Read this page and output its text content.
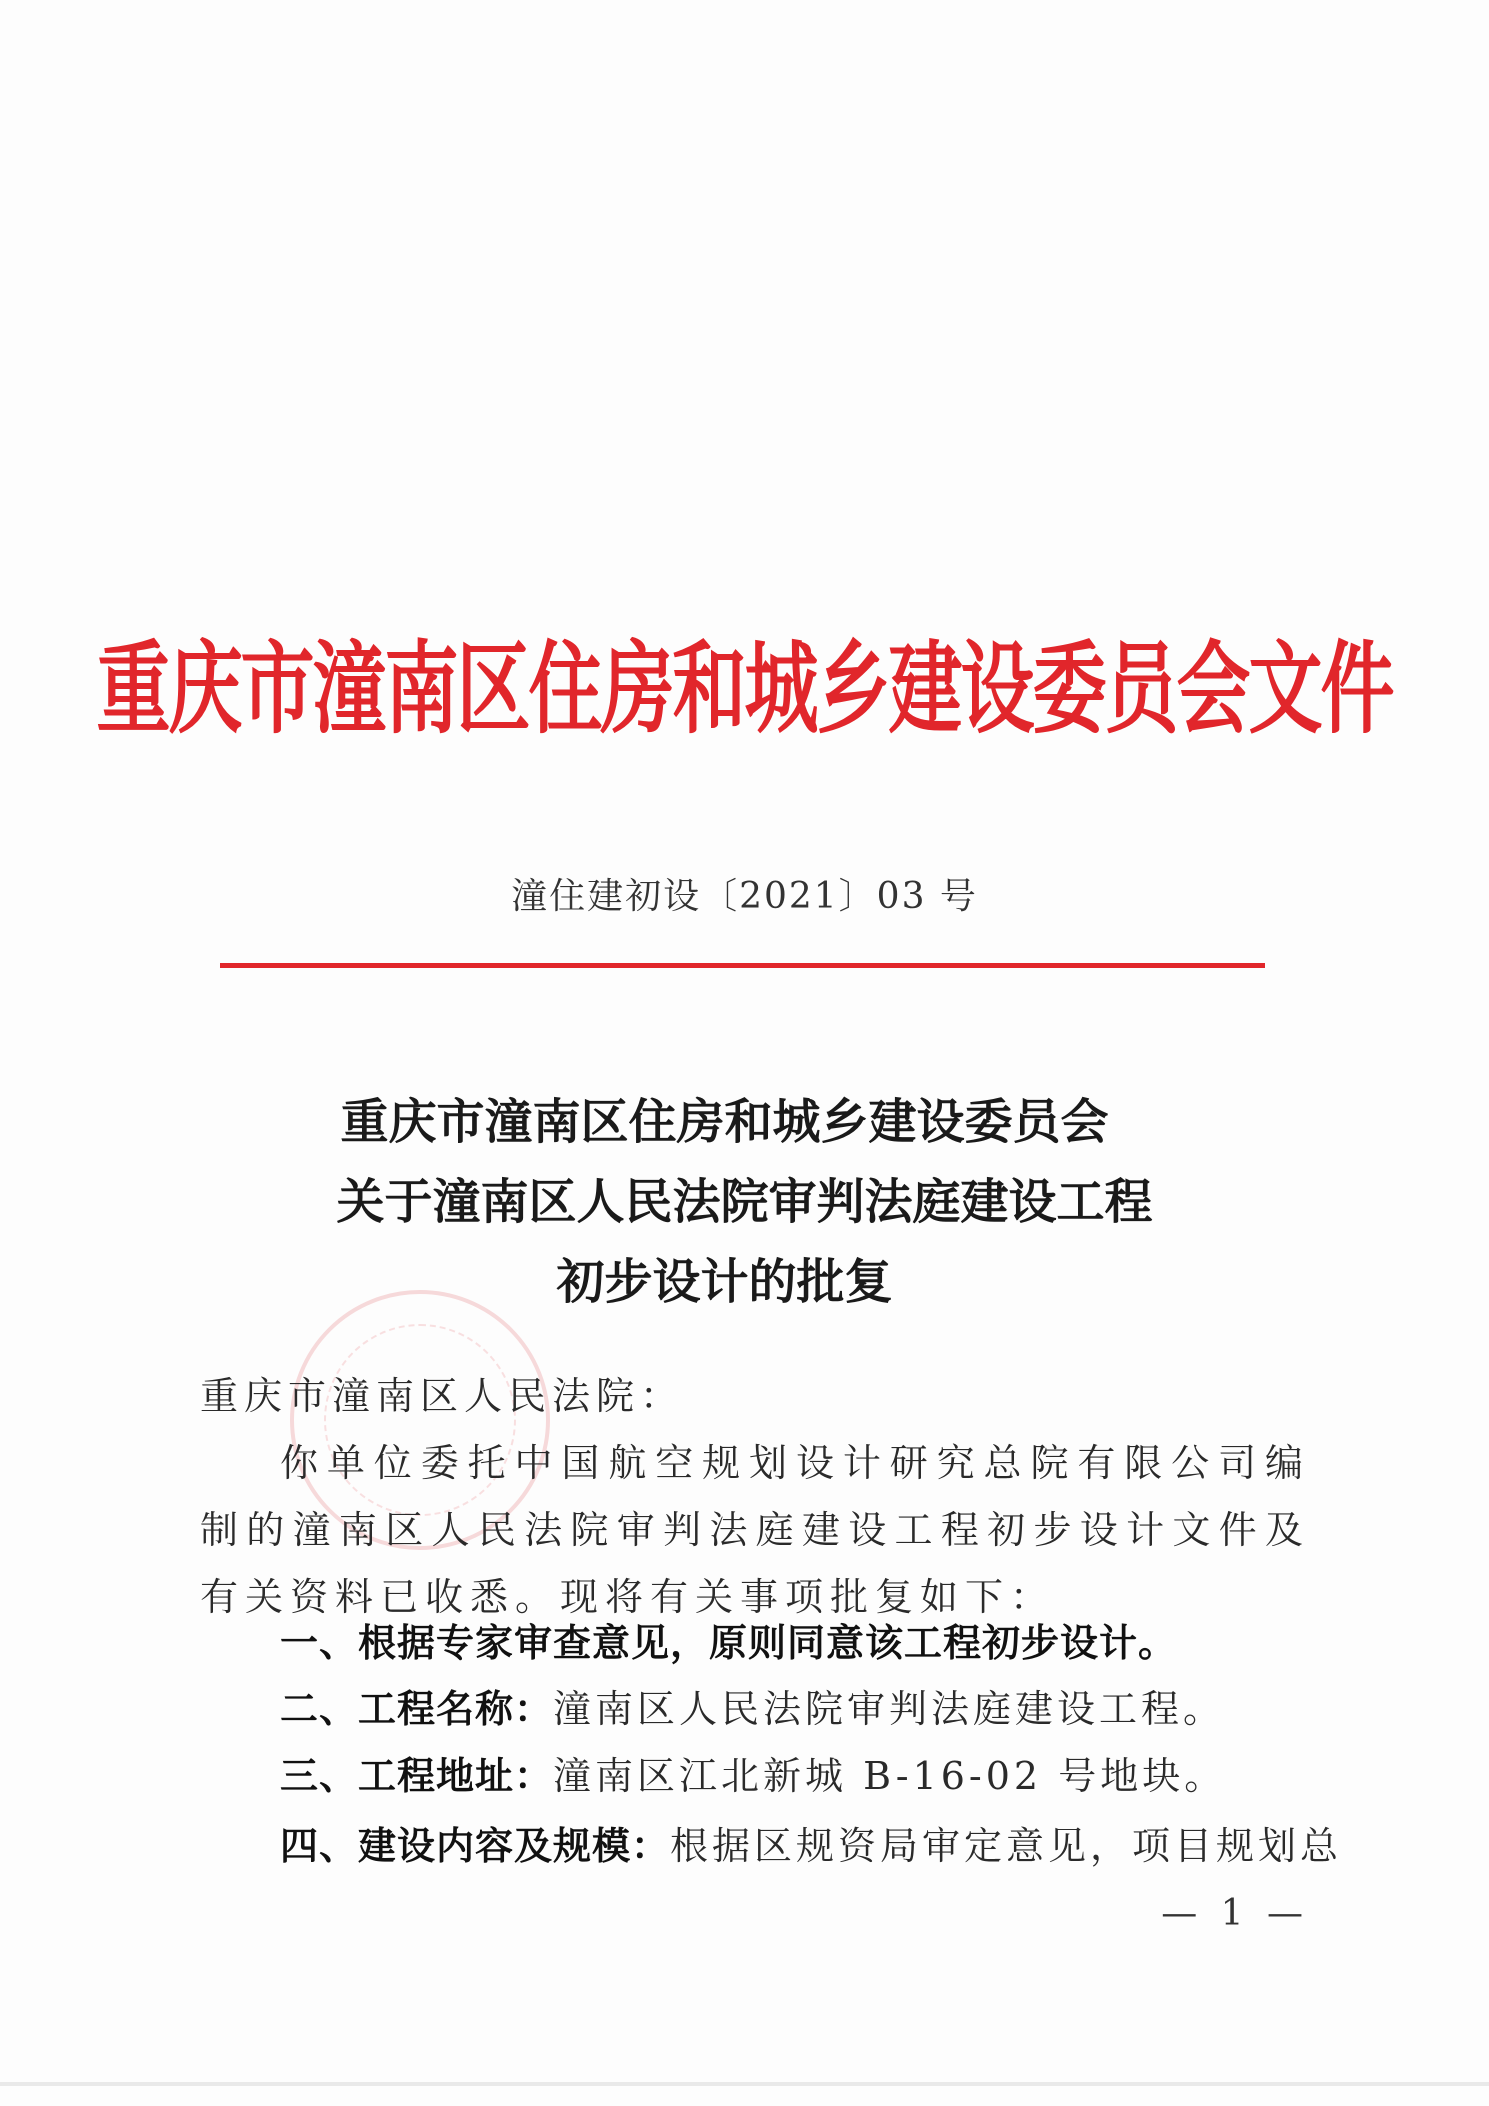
重庆市潼南区住房和城乡建设委员会文件
潼住建初设〔2021〕03 号
重庆市潼南区住房和城乡建设委员会
关于潼南区人民法院审判法庭建设工程
初步设计的批复
重庆市潼南区人民法院：
你单位委托中国航空规划设计研究总院有限公司编制的潼南区人民法院审判法庭建设工程初步设计文件及有关资料已收悉。现将有关事项批复如下：
一、根据专家审查意见，原则同意该工程初步设计。
二、工程名称：潼南区人民法院审判法庭建设工程。
三、工程地址：潼南区江北新城 B-16-02 号地块。
四、建设内容及规模：根据区规资局审定意见，项目规划总
— 1 —
